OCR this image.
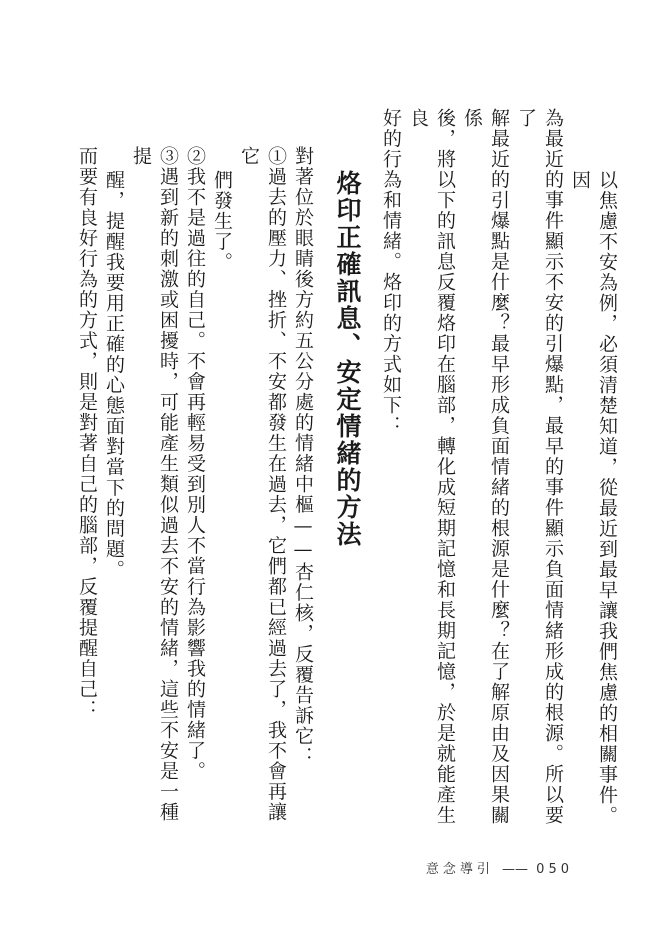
以焦慮不安為例，必須清楚知道，從最近到最早讓我們焦慮的相關事件。因

為最近的事件顯示不安的引爆點，最早的事件顯示負面情緒形成的根源。所以要了

解最近的引爆點是什麼？最早形成負面情緒的根源是什麼？在了解原由及因果關係

後，將以下的訊息反覆烙印在腦部，轉化成短期記憶和長期記憶，於是就能產生良

好的行為和情緒。烙印的方式如下：

烙印正確訊息、安定情緒的方法

對著位於眼睛後方約五公分處的情緒中樞——杏仁核，反覆告訴它：

①過去的壓力、挫折、不安都發生在過去，它們都已經過去了，我不會再讓它

們發生了。

②我不是過往的自己。不會再輕易受到別人不當行為影響我的情緒了。

③遇到新的刺激或困擾時，可能產生類似過去不安的情緒，這些不安是一種提

醒，提醒我要用正確的心態面對當下的問題。

而要有良好行為的方式，則是對著自己的腦部，反覆提醒自己：

意念導引 —— 050
